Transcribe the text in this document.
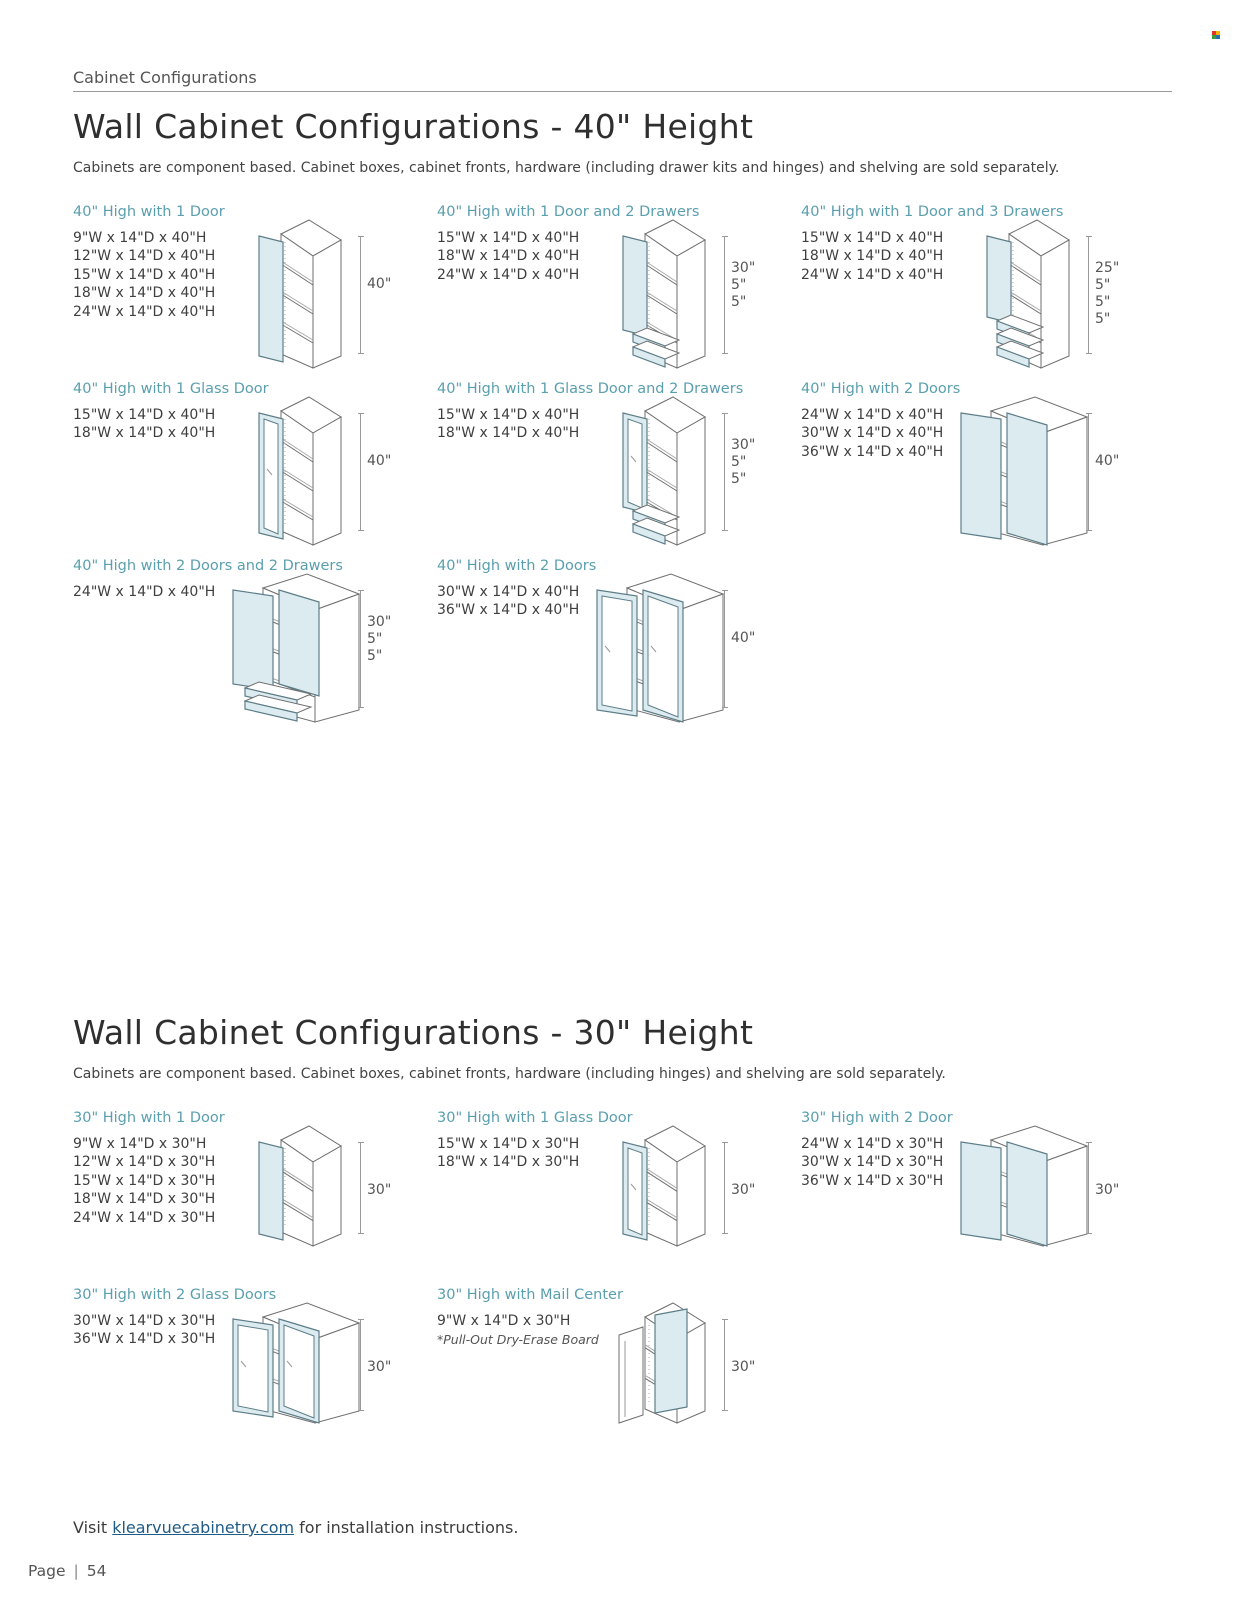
Cabinet Configurations
Wall Cabinet Configurations - 40" Height
Cabinets are component based. Cabinet boxes, cabinet fronts, hardware (including drawer kits and hinges) and shelving are sold separately.
40" High with 1 Door
9"W x 14"D x 40"H
12"W x 14"D x 40"H
15"W x 14"D x 40"H
18"W x 14"D x 40"H
24"W x 14"D x 40"H
40"
40" High with 1 Door and 2 Drawers
15"W x 14"D x 40"H
18"W x 14"D x 40"H
24"W x 14"D x 40"H	30"
5"
5"
40" High with 1 Door and 3 Drawers
15"W x 14"D x 40"H
18"W x 14"D x 40"H
24"W x 14"D x 40"H	25"
5"
5"
5"
40" High with 1 Glass Door
15"W x 14"D x 40"H
18"W x 14"D x 40"H
40"
40" High with 1 Glass Door and 2 Drawers
15"W x 14"D x 40"H
18"W x 14"D x 40"H
30"
5"
5"
40" High with 2 Doors
24"W x 14"D x 40"H
30"W x 14"D x 40"H
36"W x 14"D x 40"H
40"
40" High with 2 Doors and 2 Drawers
24"W x 14"D x 40"H
30"
5"
5"
40" High with 2 Doors
30"W x 14"D x 40"H
36"W x 14"D x 40"H
40"
Wall Cabinet Configurations - 30" Height
Cabinets are component based. Cabinet boxes, cabinet fronts, hardware (including hinges) and shelving are sold separately.
30" High with 1 Door
9"W x 14"D x 30"H
12"W x 14"D x 30"H
15"W x 14"D x 30"H
18"W x 14"D x 30"H
24"W x 14"D x 30"H
30"
30" High with 1 Glass Door
15"W x 14"D x 30"H
18"W x 14"D x 30"H
30"
30" High with 2 Door
24"W x 14"D x 30"H
30"W x 14"D x 30"H
36"W x 14"D x 30"H
30"
30" High with 2 Glass Doors
30"W x 14"D x 30"H
36"W x 14"D x 30"H
30"
30" High with Mail Center
9"W x 14"D x 30"H
*Pull-Out Dry-Erase Board
30"
Visit klearvuecabinetry.com for installation instructions.
Page | 54
